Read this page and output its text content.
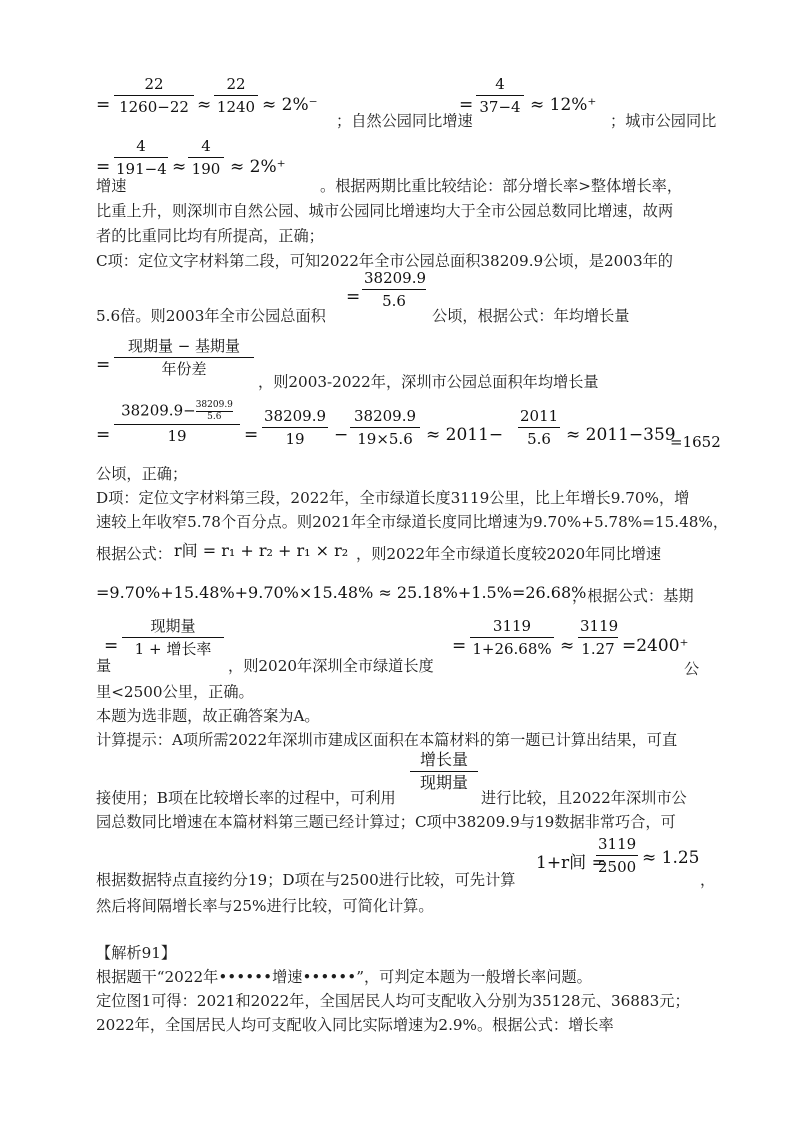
=
22
1260−22 ≈
22
1240 ≈ 2%⁻
；自然公园同比增速
=
4
37−4 ≈ 12%⁺
；城市公园同比
增速
=
4
191−4 ≈
4
190 ≈ 2%⁺
。根据两期比重比较结论：部分增长率>整体增长率，
比重上升，则深圳市自然公园、城市公园同比增速均大于全市公园总数同比增速，故两
者的比重同比均有所提高，正确；
C项：定位文字材料第二段，可知2022年全市公园总面积38209.9公顷，是2003年的
5.6倍。则2003年全市公园总面积
=
38209.9
5.6
公顷，根据公式：年均增长量
=
现期量 − 基期量
年份差
，则2003-2022年，深圳市公园总面积年均增长量
=
$38209.9- \frac{38209.9}{5.6}$
19	=
38209.9
19	−
38209.9
19×5.6 ≈ 2011−
2011
5.6 ≈ 2011−359
=1652
公顷，正确；
D项：定位文字材料第三段，2022年，全市绿道长度3119公里，比上年增长9.70%，增
速较上年收窄5.78个百分点。则2021年全市绿道长度同比增速为9.70%+5.78%=15.48%，
根据公式： r间 = r₁ + r₂ + r₁ × r₂ ，则2022年全市绿道长度较2020年同比增速
=9.70%+15.48%+9.70%×15.48% ≈ 25.18%+1.5%=26.68%
，根据公式：基期
量
=
现期量
1 + 增长率
，则2020年深圳全市绿道长度
=
3119
1+26.68% ≈
3119
1.27 =2400⁺
公
里<2500公里，正确。
本题为选非题，故正确答案为A。
计算提示：A项所需2022年深圳市建成区面积在本篇材料的第一题已计算出结果，可直
增长量
现期量
接使用；B项在比较增长率的过程中，可利用	进行比较，且2022年深圳市公
园总数同比增速在本篇材料第三题已经计算过；C项中38209.9与19数据非常巧合，可
1+r间 =
3119
2500 ≈ 1.25
根据数据特点直接约分19；D项在与2500进行比较，可先计算	，
然后将间隔增长率与25%进行比较，可简化计算。
【解析91】
根据题干“2022年••••••增速••••••”，可判定本题为一般增长率问题。
定位图1可得：2021和2022年，全国居民人均可支配收入分别为35128元、36883元；
2022年，全国居民人均可支配收入同比实际增速为2.9%。根据公式：增长率
